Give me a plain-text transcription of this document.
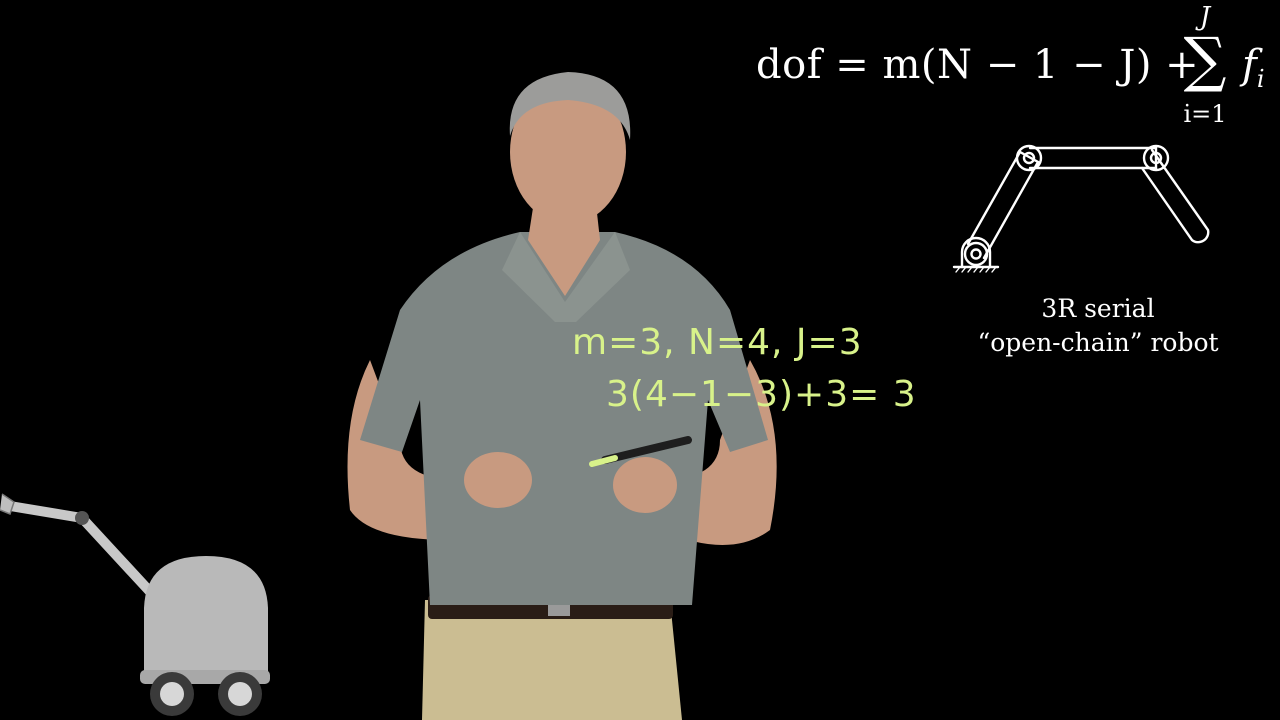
dof = m(N − 1 − J) +
J
∑
i=1
$f_i$
3R serial
“open-chain” robot
m=3, N=4, J=3
3(4−1−3)+3= 3
